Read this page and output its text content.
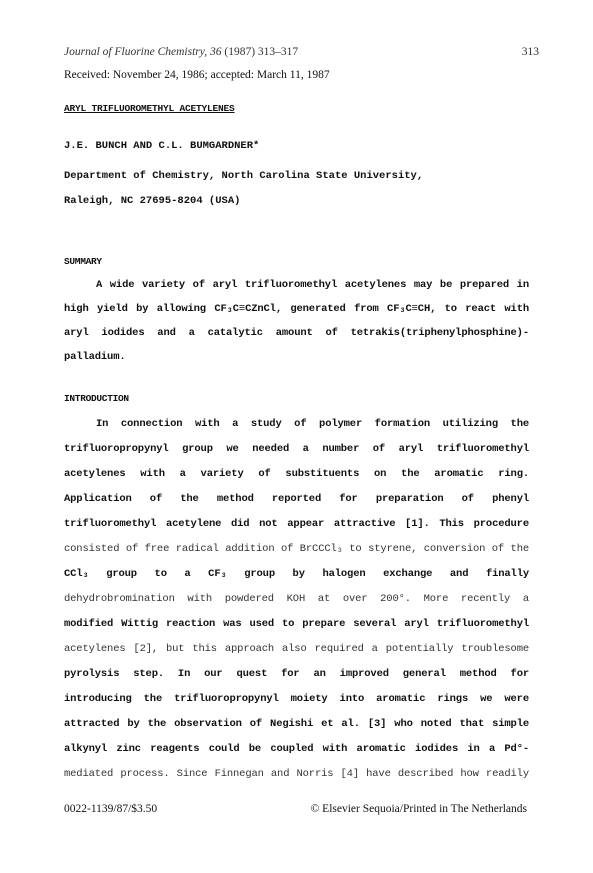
Journal of Fluorine Chemistry, 36 (1987) 313–317	313
Received: November 24, 1986; accepted: March 11, 1987
ARYL TRIFLUOROMETHYL ACETYLENES
J.E. BUNCH AND C.L. BUMGARDNER*
Department of Chemistry, North Carolina State University,
Raleigh, NC 27695-8204 (USA)
SUMMARY
A wide variety of aryl trifluoromethyl acetylenes may be prepared in
high yield by allowing CF₃C≡CZnCl, generated from CF₃C≡CH, to react with
aryl iodides and a catalytic amount of tetrakis(triphenylphosphine)-
palladium.
INTRODUCTION
In connection with a study of polymer formation utilizing the
trifluoropropynyl group we needed a number of aryl trifluoromethyl
acetylenes with a variety of substituents on the aromatic ring.
Application of the method reported for preparation of phenyl
trifluoromethyl acetylene did not appear attractive [1]. This procedure
consisted of free radical addition of BrCCCl₃ to styrene, conversion of the
CCl₃ group to a CF₃ group by halogen exchange and finally
dehydrobromination with powdered KOH at over 200°. More recently a
modified Wittig reaction was used to prepare several aryl trifluoromethyl
acetylenes [2], but this approach also required a potentially troublesome
pyrolysis step. In our quest for an improved general method for
introducing the trifluoropropynyl moiety into aromatic rings we were
attracted by the observation of Negishi et al. [3] who noted that simple
alkynyl zinc reagents could be coupled with aromatic iodides in a Pd°-
mediated process. Since Finnegan and Norris [4] have described how readily
0022-1139/87/$3.50	© Elsevier Sequoia/Printed in The Netherlands
